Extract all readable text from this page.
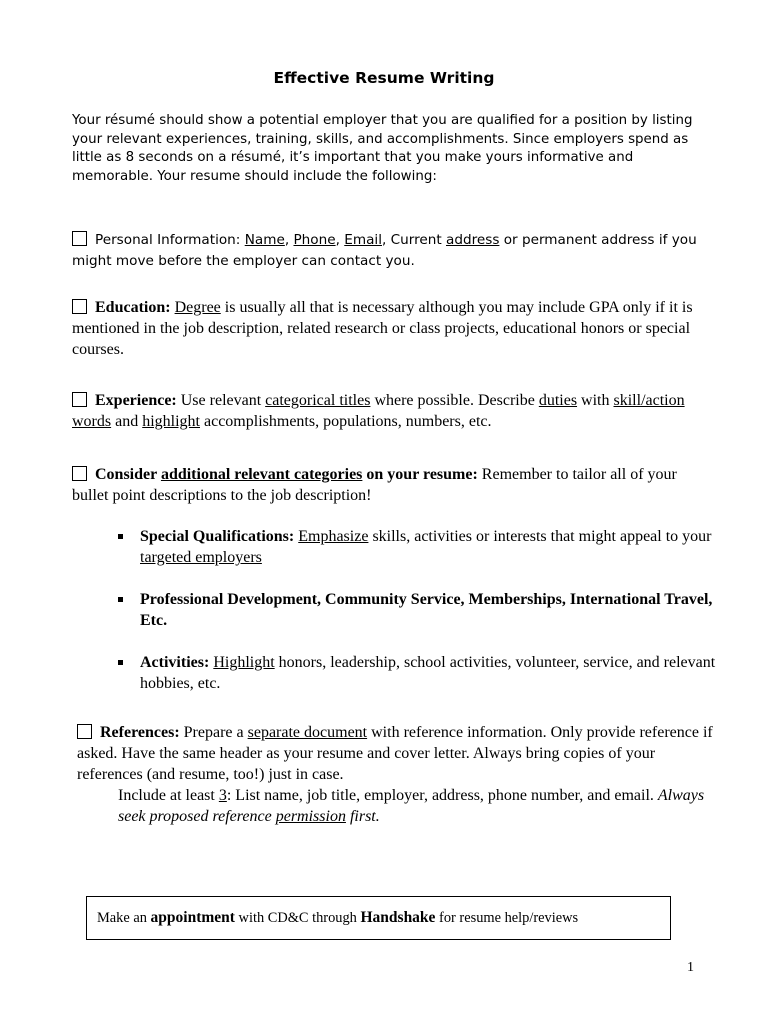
Effective Resume Writing
Your résumé should show a potential employer that you are qualified for a position by listing your relevant experiences, training, skills, and accomplishments. Since employers spend as little as 8 seconds on a résumé, it’s important that you make yours informative and memorable. Your resume should include the following:
Personal Information: Name, Phone, Email, Current address or permanent address if you might move before the employer can contact you.
Education: Degree is usually all that is necessary although you may include GPA only if it is mentioned in the job description, related research or class projects, educational honors or special courses.
Experience: Use relevant categorical titles where possible. Describe duties with skill/action words and highlight accomplishments, populations, numbers, etc.
Consider additional relevant categories on your resume: Remember to tailor all of your bullet point descriptions to the job description!
Special Qualifications: Emphasize skills, activities or interests that might appeal to your targeted employers
Professional Development, Community Service, Memberships, International Travel, Etc.
Activities: Highlight honors, leadership, school activities, volunteer, service, and relevant hobbies, etc.
References: Prepare a separate document with reference information. Only provide reference if asked. Have the same header as your resume and cover letter. Always bring copies of your references (and resume, too!) just in case.
Include at least 3: List name, job title, employer, address, phone number, and email. Always seek proposed reference permission first.
Make an appointment with CD&C through Handshake for resume help/reviews
1
